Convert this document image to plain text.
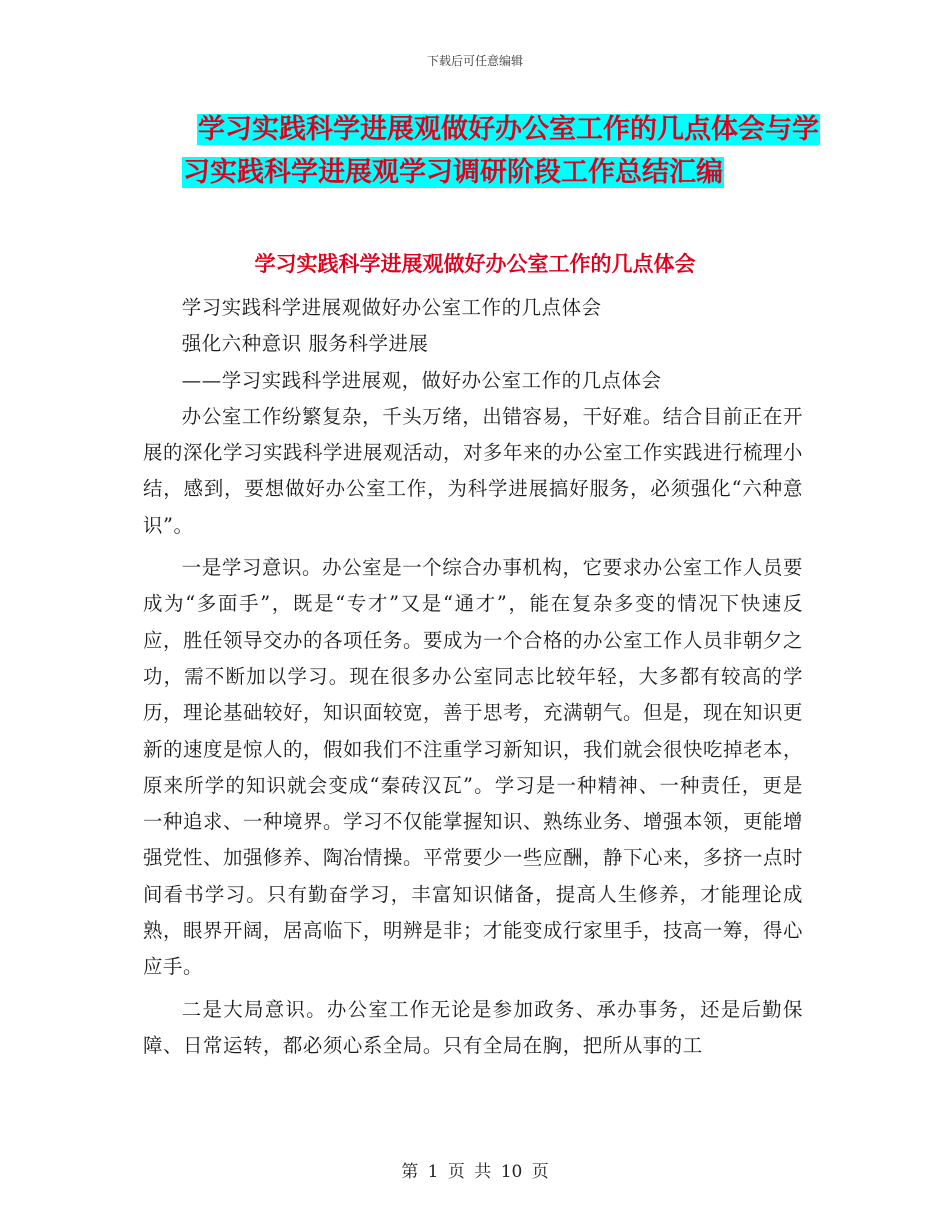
下载后可任意编辑
学习实践科学进展观做好办公室工作的几点体会与学
习实践科学进展观学习调研阶段工作总结汇编
学习实践科学进展观做好办公室工作的几点体会

学习实践科学进展观做好办公室工作的几点体会

强化六种意识 服务科学进展

——学习实践科学进展观，做好办公室工作的几点体会

办公室工作纷繁复杂，千头万绪，出错容易，干好难。结合目前正在开展的深化学习实践科学进展观活动，对多年来的办公室工作实践进行梳理小结，感到，要想做好办公室工作，为科学进展搞好服务，必须强化“六种意识”。

一是学习意识。办公室是一个综合办事机构，它要求办公室工作人员要成为“多面手”，既是“专才”又是“通才”，能在复杂多变的情况下快速反应，胜任领导交办的各项任务。要成为一个合格的办公室工作人员非朝夕之功，需不断加以学习。现在很多办公室同志比较年轻，大多都有较高的学历，理论基础较好，知识面较宽，善于思考，充满朝气。但是，现在知识更新的速度是惊人的，假如我们不注重学习新知识，我们就会很快吃掉老本，原来所学的知识就会变成“秦砖汉瓦”。学习是一种精神、一种责任，更是一种追求、一种境界。学习不仅能掌握知识、熟练业务、增强本领，更能增强党性、加强修养、陶冶情操。平常要少一些应酬，静下心来，多挤一点时间看书学习。只有勤奋学习，丰富知识储备，提高人生修养，才能理论成熟，眼界开阔，居高临下，明辨是非；才能变成行家里手，技高一筹，得心应手。

二是大局意识。办公室工作无论是参加政务、承办事务，还是后勤保障、日常运转，都必须心系全局。只有全局在胸，把所从事的工

第 1 页 共 10 页
